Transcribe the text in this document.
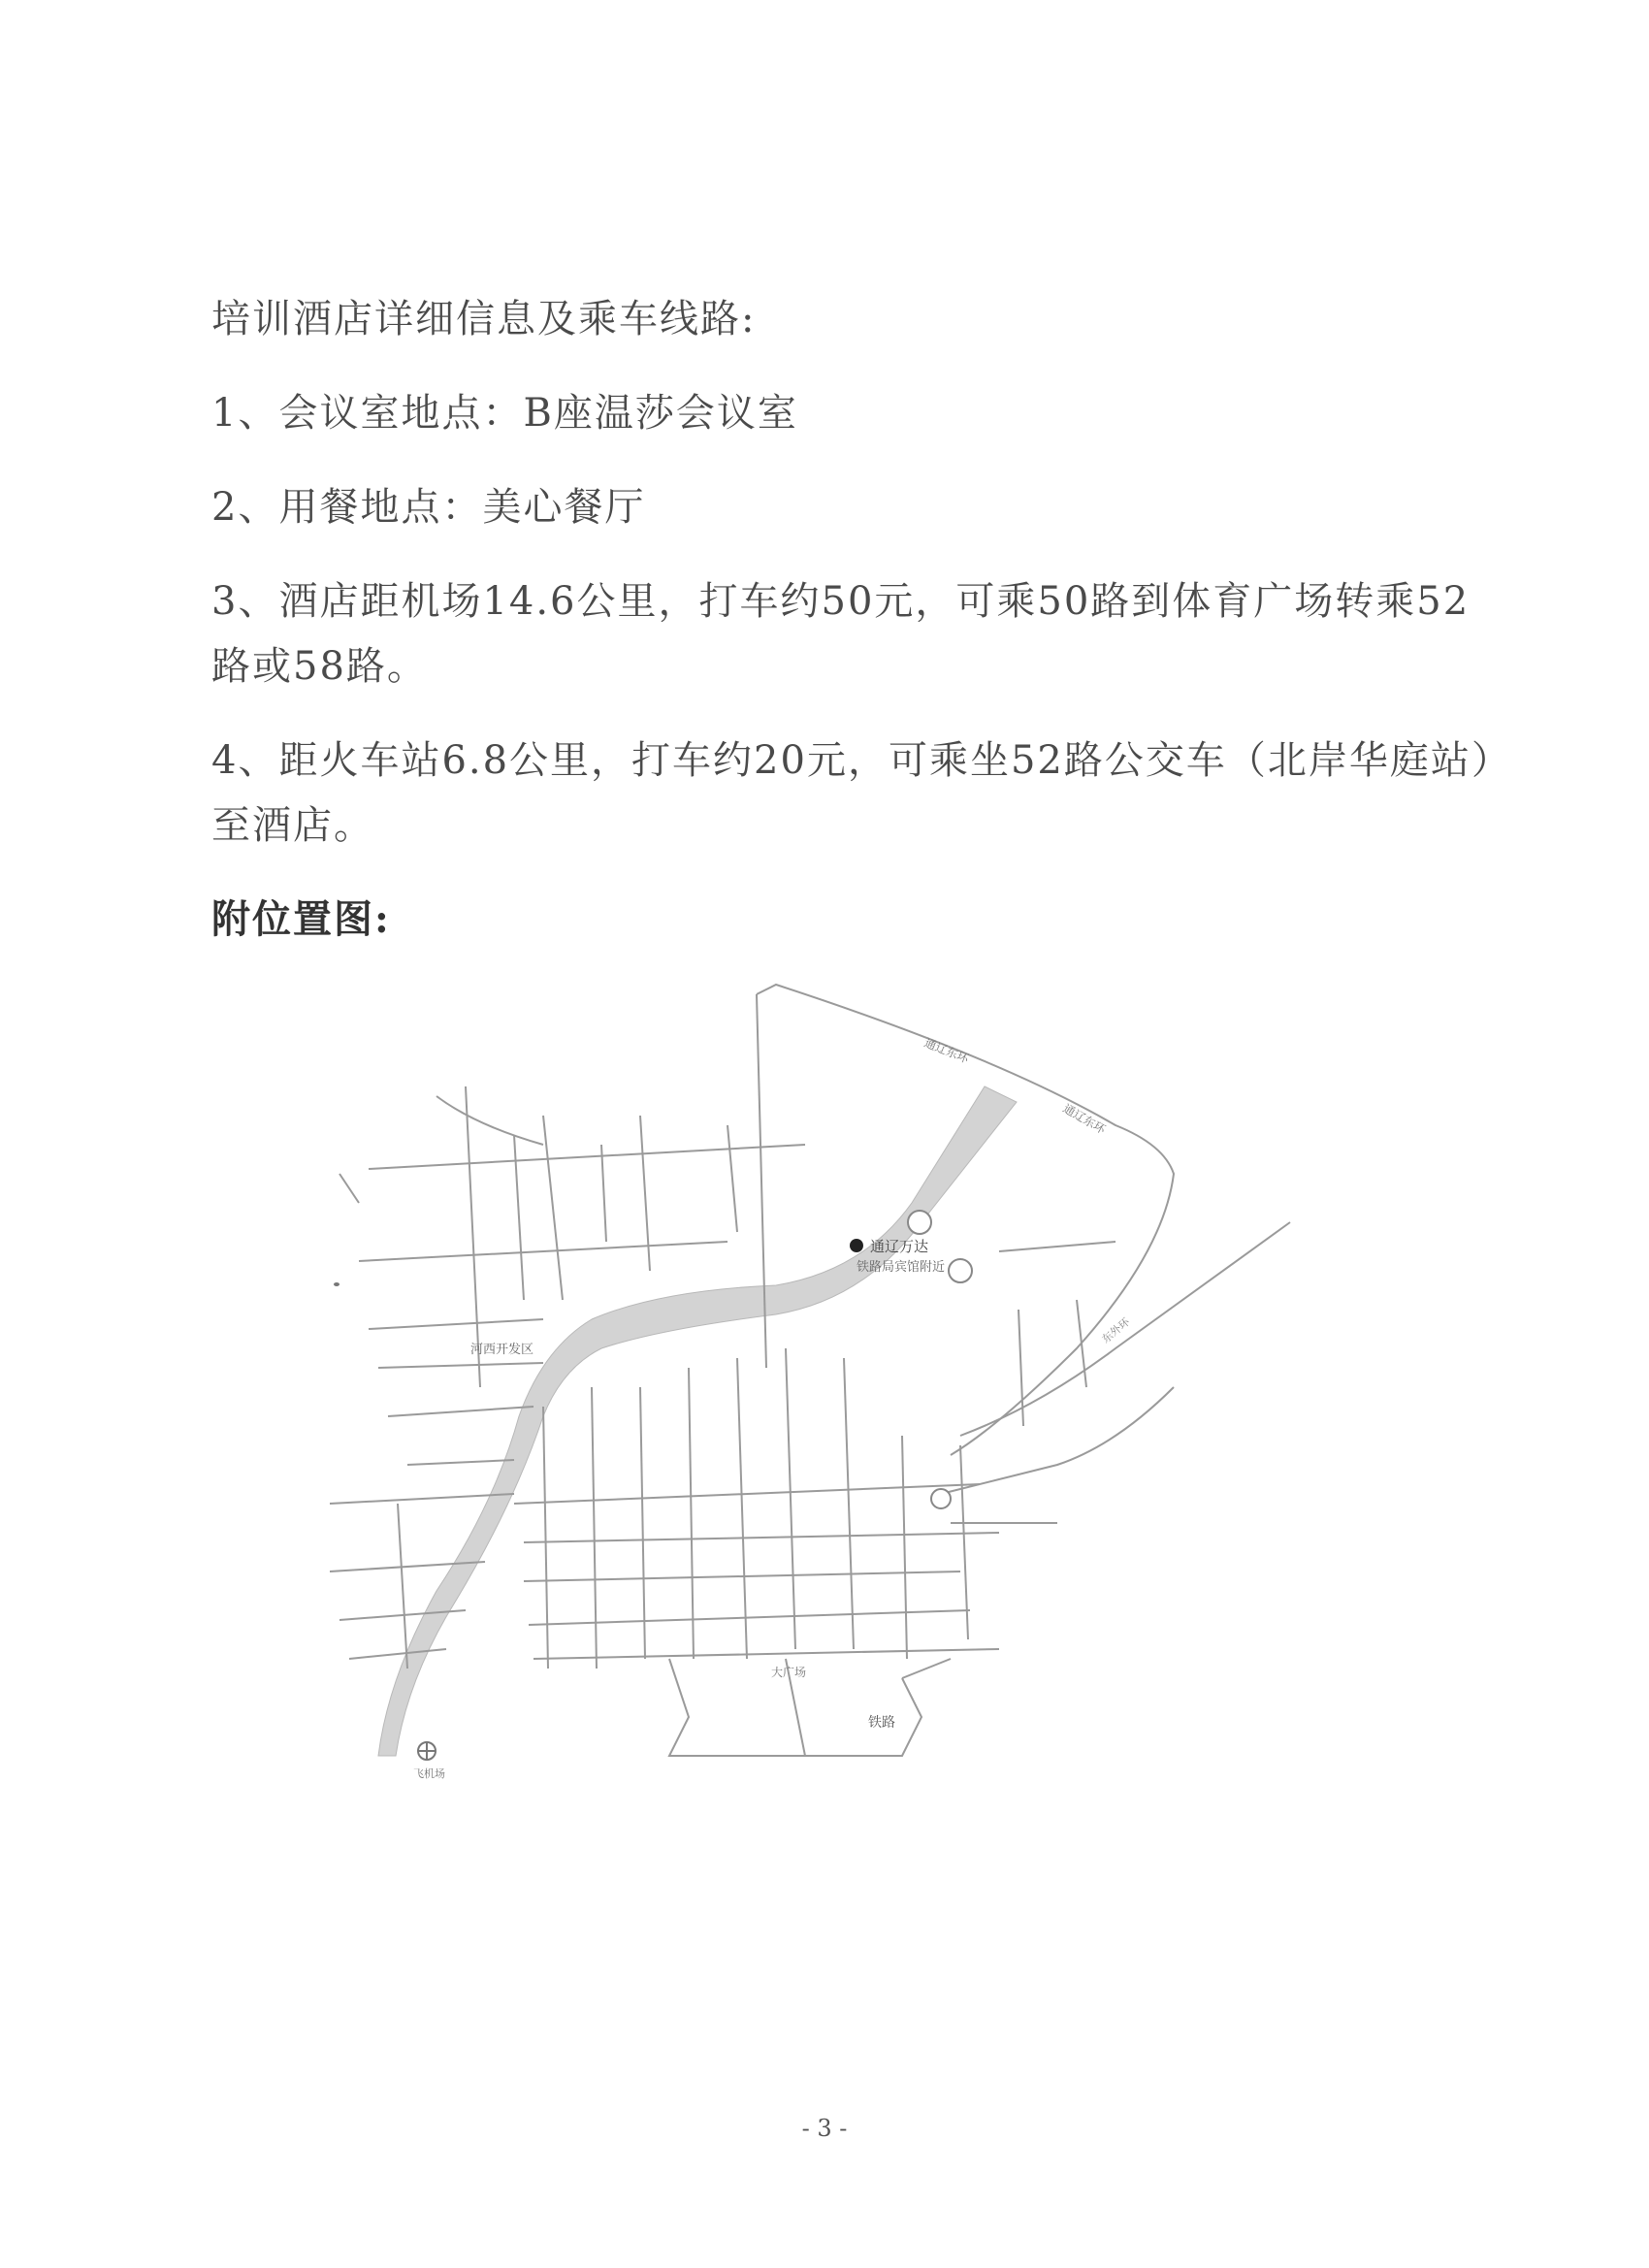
培训酒店详细信息及乘车线路:

1、会议室地点：B座温莎会议室

2、用餐地点：美心餐厅

3、酒店距机场14.6公里，打车约50元，可乘50路到体育广场转乘52

路或58路。

4、距火车站6.8公里，打车约20元，可乘坐52路公交车（北岸华庭站）

至酒店。

附位置图:

通辽万达
铁路局宾馆附近
通辽东环
通辽东环
河西开发区
东外环
大广场
铁路
飞机场
- 3 -
